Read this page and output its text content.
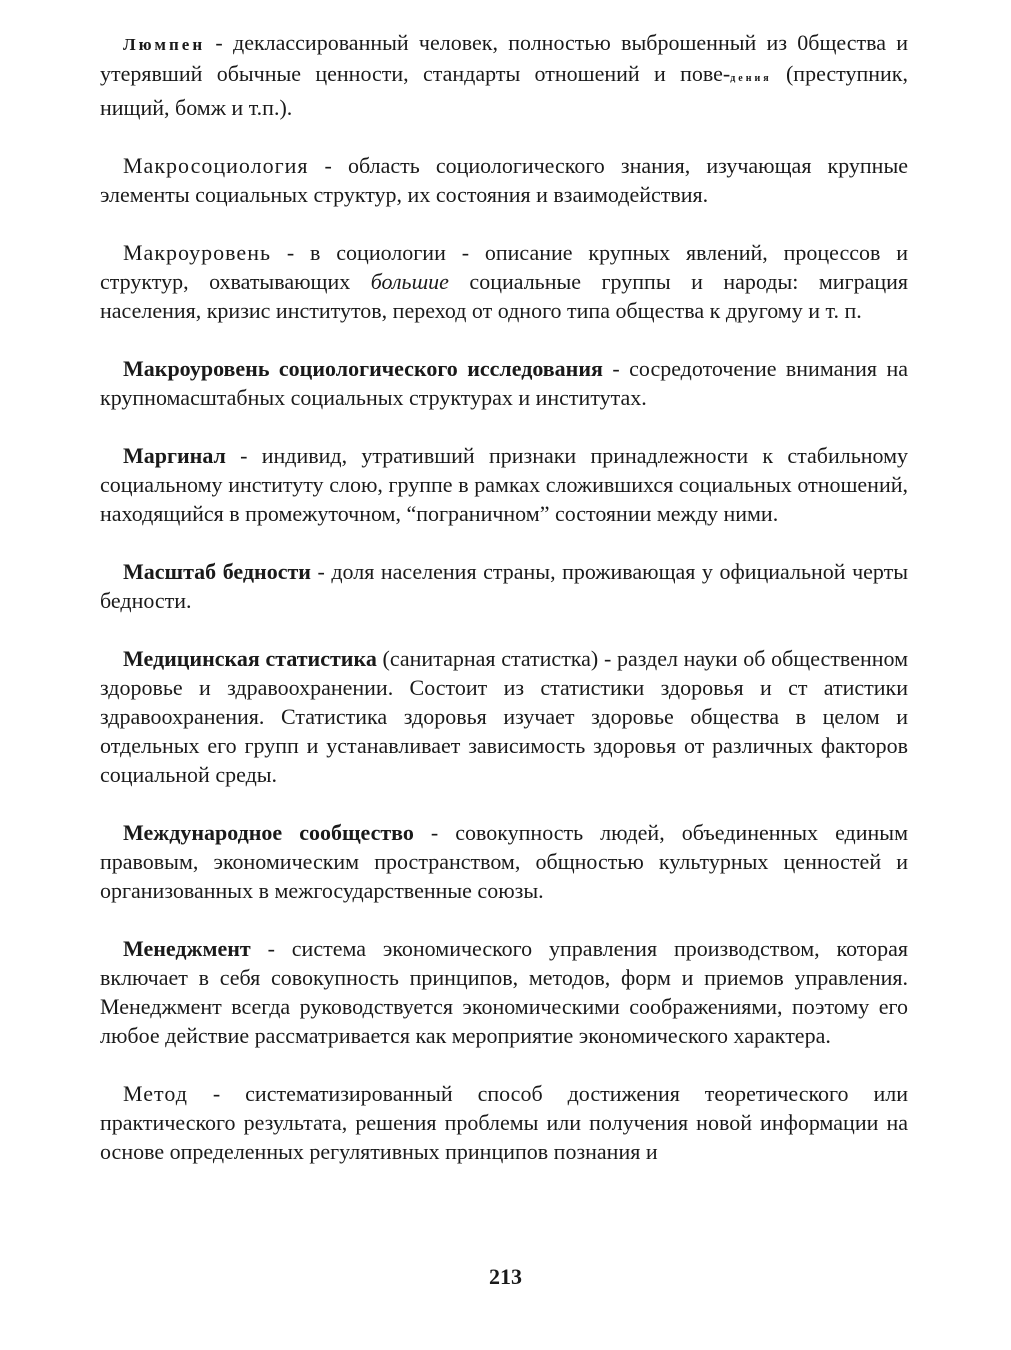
Люмпен - деклассированный человек, полностью выброшенный из 0бщества и утерявший обычные ценности, стандарты отношений и пове-дения (преступник, нищий, бомж и т.п.).

Макросоциология - область социологического знания, изучающая крупные элементы социальных структур, их состояния и взаимодействия.

Макроуровень - в социологии - описание крупных явлений, процессов и структур, охватывающих большие социальные группы и народы: миграция населения, кризис институтов, переход от одного типа общества к другому и т. п.

Макроуровень социологического исследования - сосредоточение внимания на крупномасштабных социальных структурах и институтах.

Маргинал - индивид, утративший признаки принадлежности к стабильному социальному институту слою, группе в рамках сложившихся социальных отношений, находящийся в промежуточном, “пограничном” состоянии между ними.

Масштаб бедности - доля населения страны, проживающая у официальной черты бедности.

Медицинская статистика (санитарная статистка) - раздел науки об общественном здоровье и здравоохранении. Состоит из статистики здоровья и ст атистики здравоохранения. Статистика здоровья изучает здоровье общества в целом и отдельных его групп и устанавливает зависимость здоровья от различных факторов социальной среды.

Международное сообщество - совокупность людей, объединенных единым правовым, экономическим пространством, общностью культурных ценностей и организованных в межгосударственные союзы.

Менеджмент - система экономического управления производством, которая включает в себя совокупность принципов, методов, форм и приемов управления. Менеджмент всегда руководствуется экономическими соображениями, поэтому его любое действие рассматривается как мероприятие экономического характера.

Метод - систематизированный способ достижения теоретического или практического результата, решения проблемы или получения новой информации на основе определенных регулятивных принципов познания и

213
